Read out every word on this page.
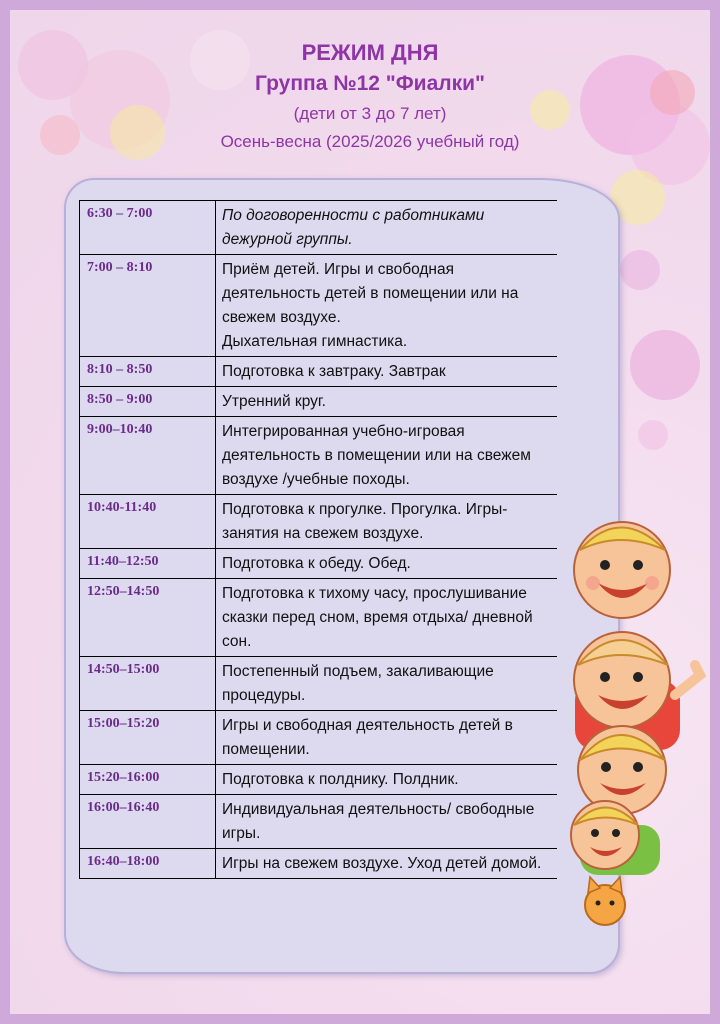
РЕЖИМ ДНЯ
Группа №12 "Фиалки"
(дети от 3 до 7 лет)
Осень-весна (2025/2026 учебный год)
6:30 – 7:00	По договоренности с работниками дежурной группы.
7:00 – 8:10	Приём детей. Игры и свободная деятельность детей в помещении или на свежем воздухе.
Дыхательная гимнастика.
8:10 – 8:50	Подготовка к завтраку. Завтрак
8:50 – 9:00	Утренний круг.
9:00–10:40	Интегрированная учебно-игровая деятельность в помещении или на свежем воздухе /учебные походы.
10:40-11:40	Подготовка к прогулке. Прогулка. Игры- занятия на свежем воздухе.
11:40–12:50	Подготовка к обеду. Обед.
12:50–14:50	Подготовка к тихому часу, прослушивание сказки перед сном, время отдыха/ дневной сон.
14:50–15:00	Постепенный подъем, закаливающие процедуры.
15:00–15:20	Игры и свободная деятельность детей в помещении.
15:20–16:00	Подготовка к полднику. Полдник.
16:00–16:40	Индивидуальная деятельность/ свободные игры.
16:40–18:00	Игры на свежем воздухе. Уход детей домой.
